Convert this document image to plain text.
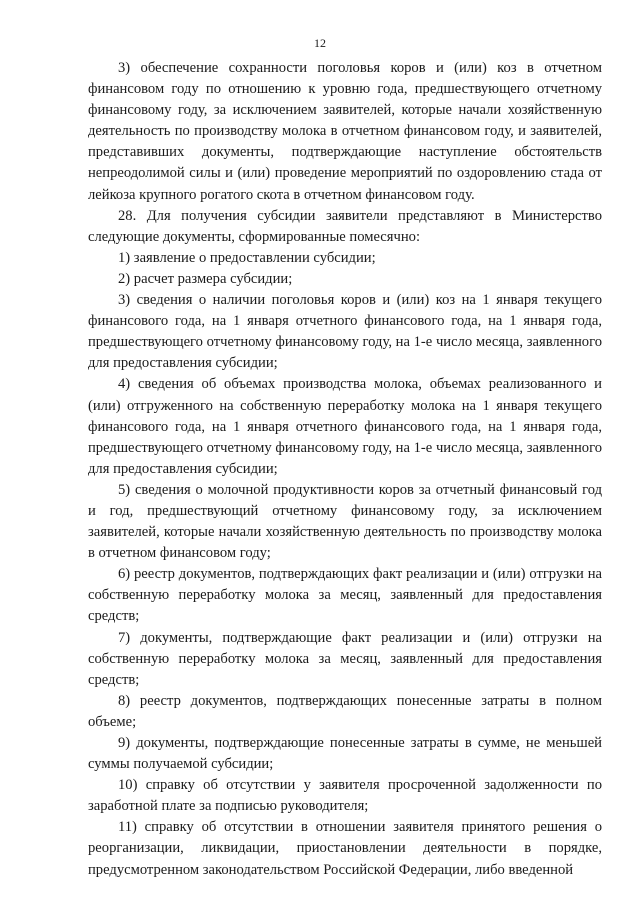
12

3) обеспечение сохранности поголовья коров и (или) коз в отчетном финансовом году по отношению к уровню года, предшествующего отчетному финансовому году, за исключением заявителей, которые начали хозяйственную деятельность по производству молока в отчетном финансовом году, и заявителей, представивших документы, подтверждающие наступление обстоятельств непреодолимой силы и (или) проведение мероприятий по оздоровлению стада от лейкоза крупного рогатого скота в отчетном финансовом году.

28. Для получения субсидии заявители представляют в Министерство следующие документы, сформированные помесячно:

1) заявление о предоставлении субсидии;

2) расчет размера субсидии;

3) сведения о наличии поголовья коров и (или) коз на 1 января текущего финансового года, на 1 января отчетного финансового года, на 1 января года, предшествующего отчетному финансовому году, на 1-е число месяца, заявленного для предоставления субсидии;

4) сведения об объемах производства молока, объемах реализованного и (или) отгруженного на собственную переработку молока на 1 января текущего финансового года, на 1 января отчетного финансового года, на 1 января года, предшествующего отчетному финансовому году, на 1-е число месяца, заявленного для предоставления субсидии;

5) сведения о молочной продуктивности коров за отчетный финансовый год и год, предшествующий отчетному финансовому году, за исключением заявителей, которые начали хозяйственную деятельность по производству молока в отчетном финансовом году;

6) реестр документов, подтверждающих факт реализации и (или) отгрузки на собственную переработку молока за месяц, заявленный для предоставления средств;

7) документы, подтверждающие факт реализации и (или) отгрузки на собственную переработку молока за месяц, заявленный для предоставления средств;

8) реестр документов, подтверждающих понесенные затраты в полном объеме;

9) документы, подтверждающие понесенные затраты в сумме, не меньшей суммы получаемой субсидии;

10) справку об отсутствии у заявителя просроченной задолженности по заработной плате за подписью руководителя;

11) справку об отсутствии в отношении заявителя принятого решения о реорганизации, ликвидации, приостановлении деятельности в порядке, предусмотренном законодательством Российской Федерации, либо введенной
